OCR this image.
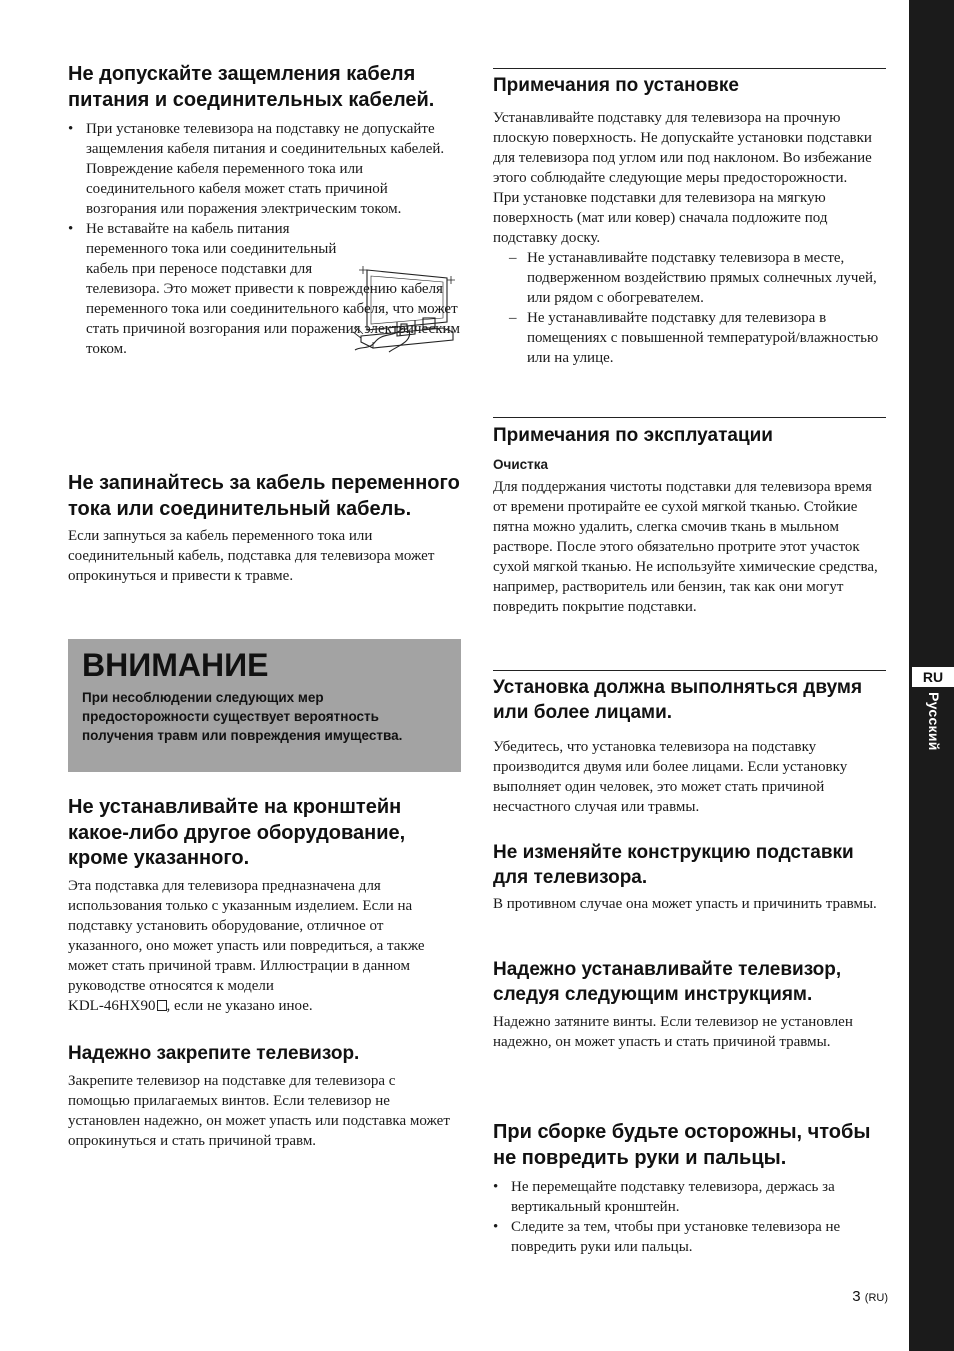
Не допускайте защемления кабеля питания и соединительных кабелей.
• При установке телевизора на подставку не допускайте защемления кабеля питания и соединительных кабелей. Повреждение кабеля переменного тока или соединительного кабеля может стать причиной возгорания или поражения электрическим током.
• Не вставайте на кабель питания переменного тока или соединительный кабель при переносе подставки для
телевизора. Это может привести к повреждению кабеля переменного тока или соединительного кабеля, что может стать причиной возгорания или поражения электрическим током.
Не запинайтесь за кабель переменного тока или соединительный кабель.
Если запнуться за кабель переменного тока или соединительный кабель, подставка для телевизора может опрокинуться и привести к травме.
ВНИМАНИЕ
При несоблюдении следующих мер предосторожности существует вероятность получения травм или повреждения имущества.
Не устанавливайте на кронштейн какое-либо другое оборудование, кроме указанного.
Эта подставка для телевизора предназначена для использования только с указанным изделием. Если на подставку установить оборудование, отличное от указанного, оно может упасть или повредиться, а также может стать причиной травм. Иллюстрации в данном руководстве относятся к модели
KDL-46HX90 , если не указано иное.
Надежно закрепите телевизор.
Закрепите телевизор на подставке для телевизора с помощью прилагаемых винтов. Если телевизор не установлен надежно, он может упасть или подставка может опрокинуться и стать причиной травм.
Примечания по установке
Устанавливайте подставку для телевизора на прочную плоскую поверхность. Не допускайте установки подставки для телевизора под углом или под наклоном. Во избежание этого соблюдайте следующие меры предосторожности.
При установке подставки для телевизора на мягкую поверхность (мат или ковер) сначала подложите под подставку доску.
– Не устанавливайте подставку телевизора в месте, подверженном воздействию прямых солнечных лучей, или рядом с обогревателем.
– Не устанавливайте подставку для телевизора в помещениях с повышенной температурой/влажностью или на улице.
Примечания по эксплуатации
Очистка
Для поддержания чистоты подставки для телевизора время от времени протирайте ее сухой мягкой тканью. Стойкие пятна можно удалить, слегка смочив ткань в мыльном растворе. После этого обязательно протрите этот участок сухой мягкой тканью. Не используйте химические средства, например, растворитель или бензин, так как они могут повредить покрытие подставки.
Установка должна выполняться двумя или более лицами.
Убедитесь, что установка телевизора на подставку производится двумя или более лицами. Если установку выполняет один человек, это может стать причиной несчастного случая или травмы.
Не изменяйте конструкцию подставки для телевизора.
В противном случае она может упасть и причинить травмы.
Надежно устанавливайте телевизор, следуя следующим инструкциям.
Надежно затяните винты. Если телевизор не установлен надежно, он может упасть и стать причиной травмы.
При сборке будьте осторожны, чтобы не повредить руки и пальцы.
• Не перемещайте подставку телевизора, держась за вертикальный кронштейн.
• Следите за тем, чтобы при установке телевизора не повредить руки или пальцы.
RU
Русский
3 (RU)
